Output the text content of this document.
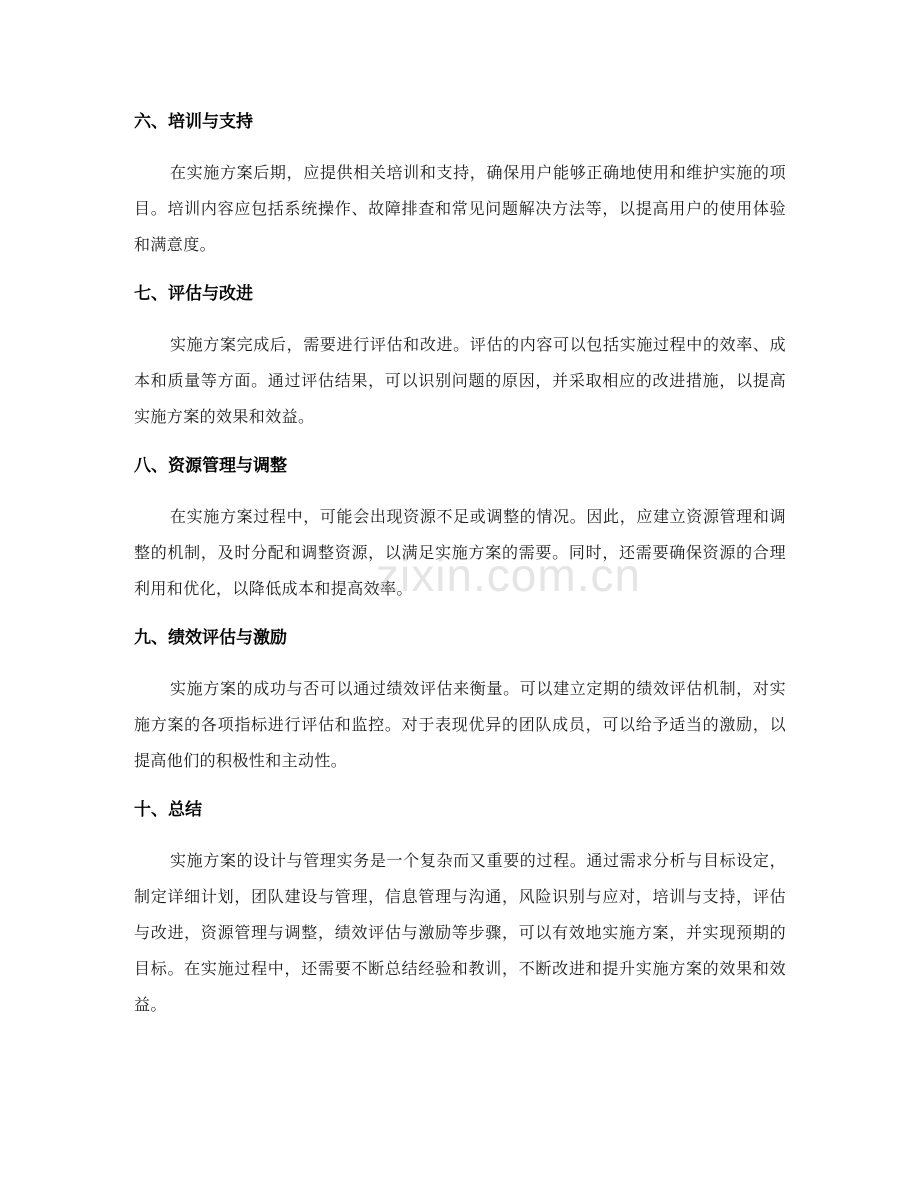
六、培训与支持

在实施方案后期，应提供相关培训和支持，确保用户能够正确地使用和维护实施的项目。培训内容应包括系统操作、故障排查和常见问题解决方法等，以提高用户的使用体验和满意度。

七、评估与改进

实施方案完成后，需要进行评估和改进。评估的内容可以包括实施过程中的效率、成本和质量等方面。通过评估结果，可以识别问题的原因，并采取相应的改进措施，以提高实施方案的效果和效益。

八、资源管理与调整

在实施方案过程中，可能会出现资源不足或调整的情况。因此，应建立资源管理和调整的机制，及时分配和调整资源，以满足实施方案的需要。同时，还需要确保资源的合理利用和优化，以降低成本和提高效率。

九、绩效评估与激励

实施方案的成功与否可以通过绩效评估来衡量。可以建立定期的绩效评估机制，对实施方案的各项指标进行评估和监控。对于表现优异的团队成员，可以给予适当的激励，以提高他们的积极性和主动性。

十、总结

实施方案的设计与管理实务是一个复杂而又重要的过程。通过需求分析与目标设定，制定详细计划，团队建设与管理，信息管理与沟通，风险识别与应对，培训与支持，评估与改进，资源管理与调整，绩效评估与激励等步骤，可以有效地实施方案，并实现预期的目标。在实施过程中，还需要不断总结经验和教训，不断改进和提升实施方案的效果和效益。

zixin.com.cn
